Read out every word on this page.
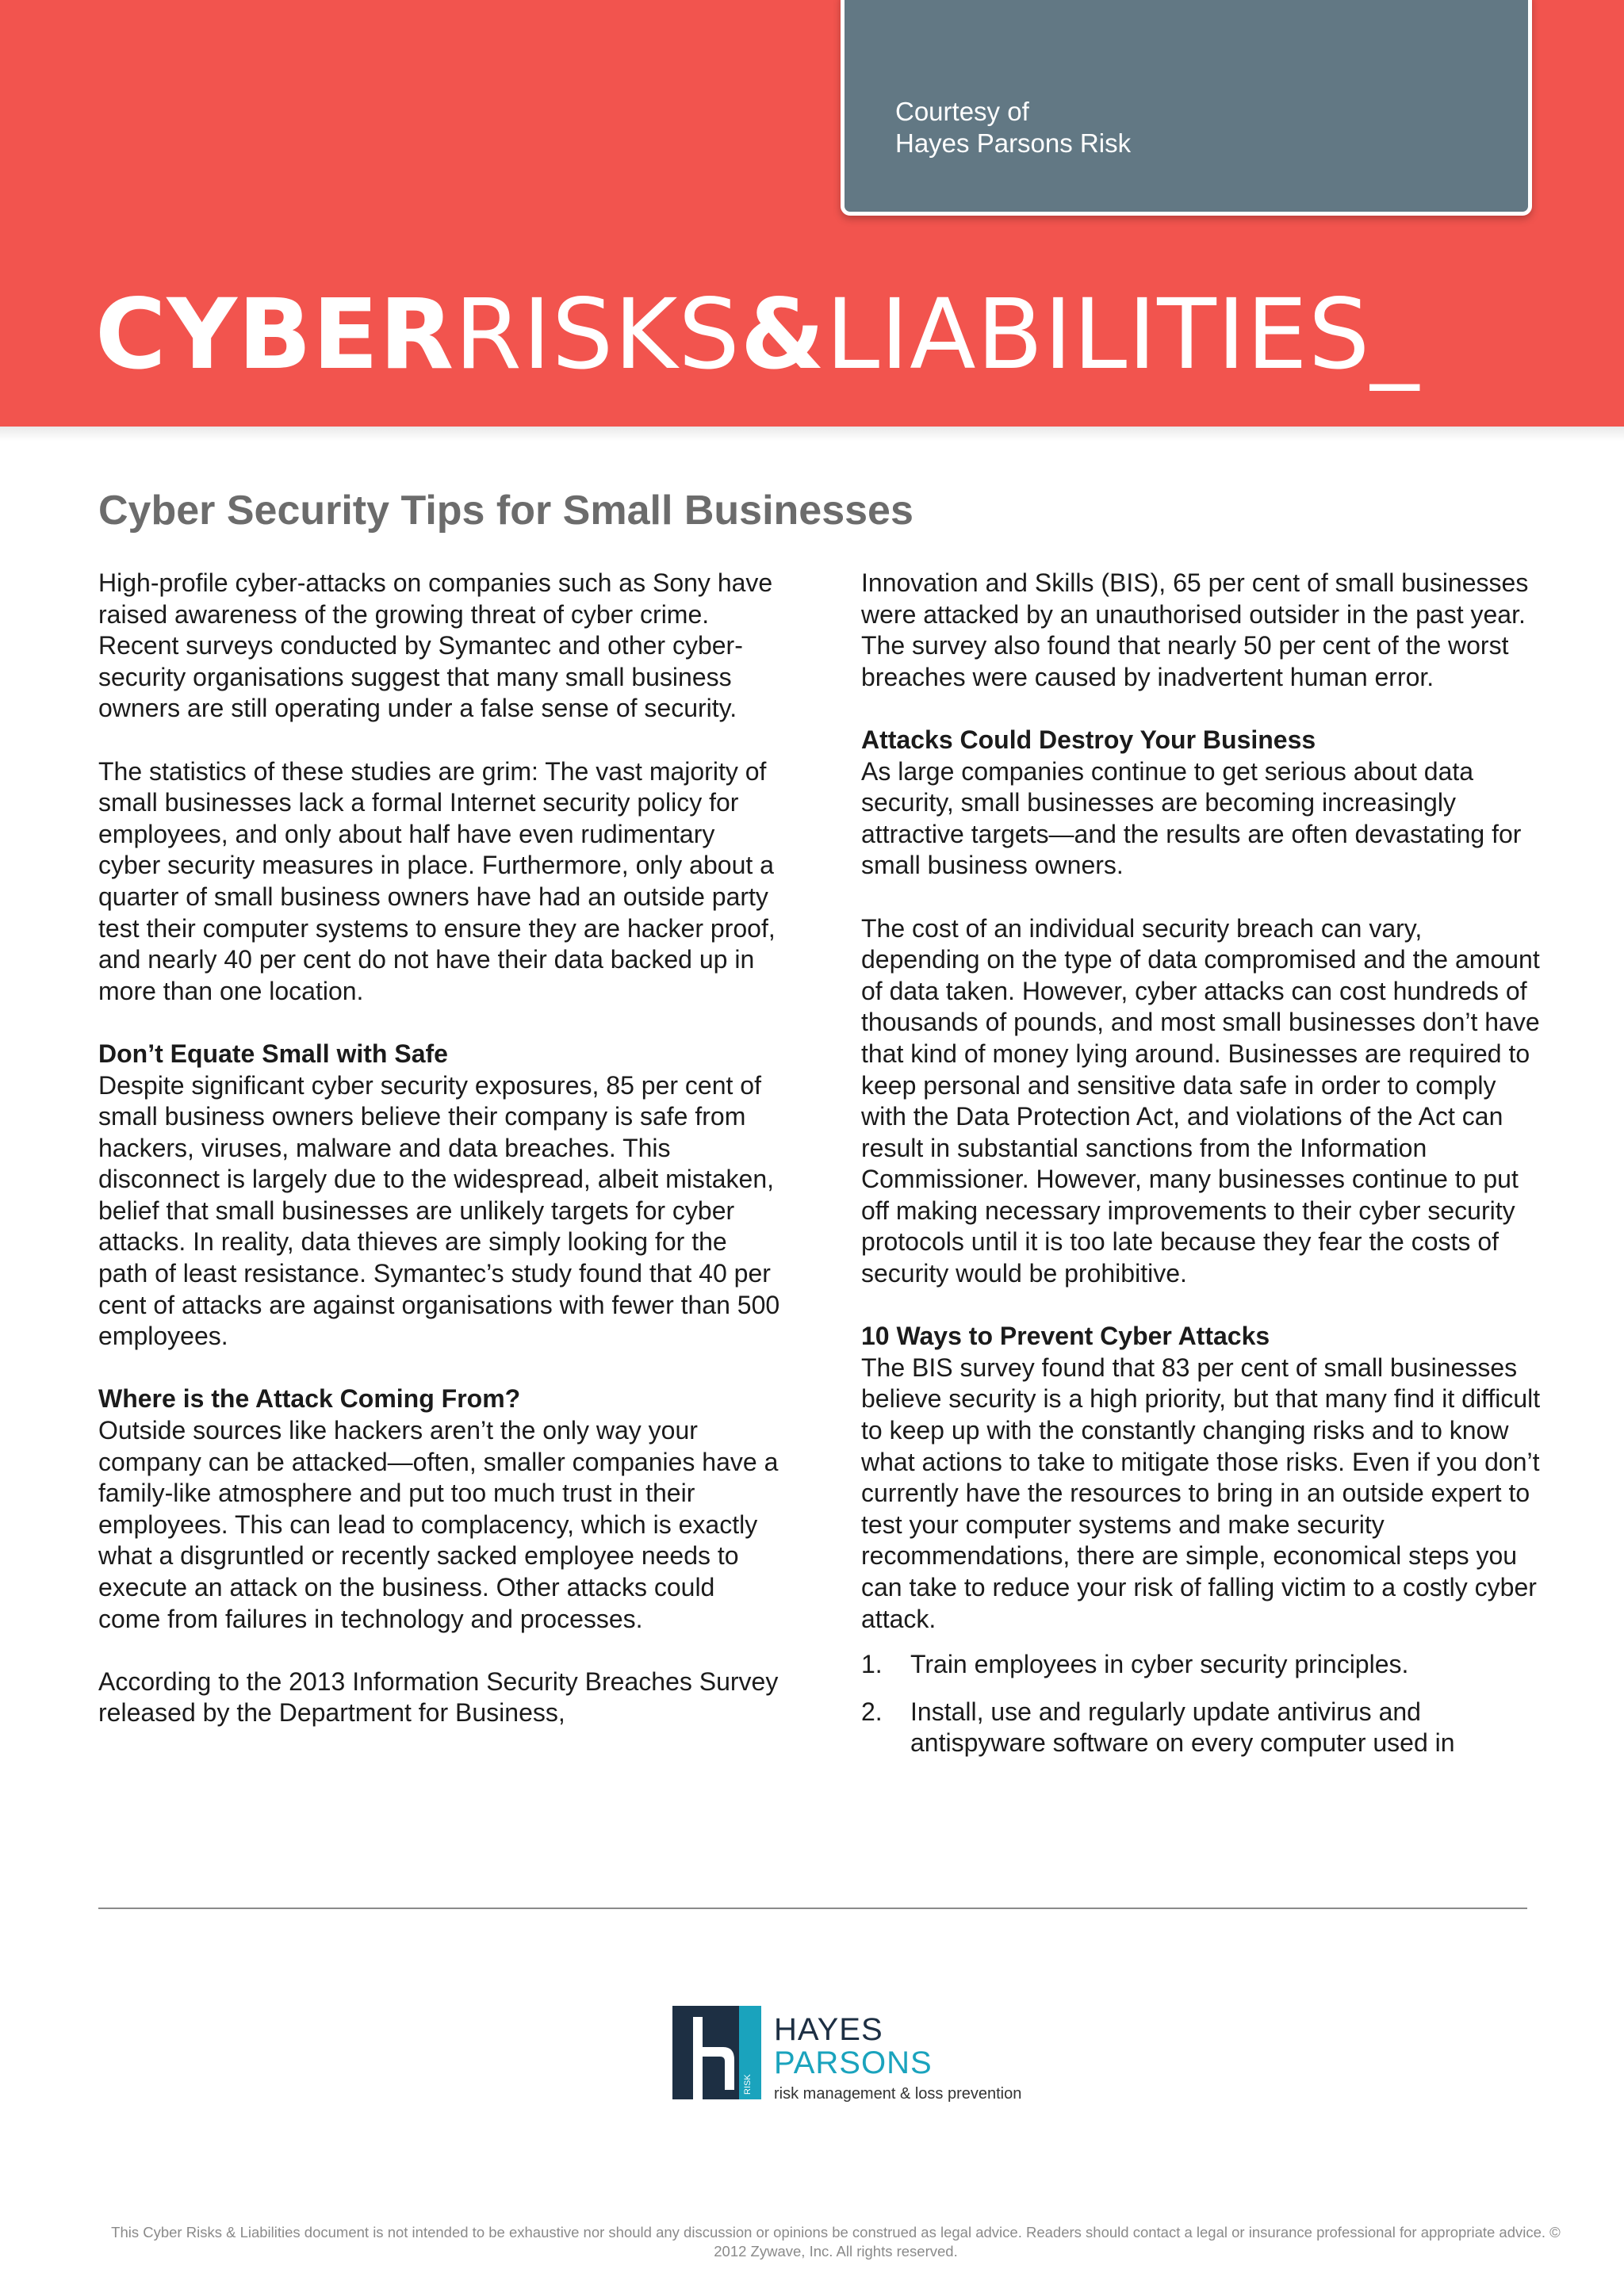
Courtesy of
Hayes Parsons Risk
CYBERRISKS&LIABILITIES_
Cyber Security Tips for Small Businesses

High-profile cyber-attacks on companies such as Sony have raised awareness of the growing threat of cyber crime. Recent surveys conducted by Symantec and other cyber-security organisations suggest that many small business owners are still operating under a false sense of security.

The statistics of these studies are grim: The vast majority of small businesses lack a formal Internet security policy for employees, and only about half have even rudimentary cyber security measures in place. Furthermore, only about a quarter of small business owners have had an outside party test their computer systems to ensure they are hacker proof, and nearly 40 per cent do not have their data backed up in more than one location.

Don’t Equate Small with Safe

Despite significant cyber security exposures, 85 per cent of small business owners believe their company is safe from hackers, viruses, malware and data breaches. This disconnect is largely due to the widespread, albeit mistaken, belief that small businesses are unlikely targets for cyber attacks. In reality, data thieves are simply looking for the path of least resistance. Symantec’s study found that 40 per cent of attacks are against organisations with fewer than 500 employees.

Where is the Attack Coming From?

Outside sources like hackers aren’t the only way your company can be attacked—often, smaller companies have a family-like atmosphere and put too much trust in their employees. This can lead to complacency, which is exactly what a disgruntled or recently sacked employee needs to execute an attack on the business. Other attacks could come from failures in technology and processes.

According to the 2013 Information Security Breaches Survey released by the Department for Business,

Innovation and Skills (BIS), 65 per cent of small businesses were attacked by an unauthorised outsider in the past year. The survey also found that nearly 50 per cent of the worst breaches were caused by inadvertent human error.

Attacks Could Destroy Your Business

As large companies continue to get serious about data security, small businesses are becoming increasingly attractive targets—and the results are often devastating for small business owners.

The cost of an individual security breach can vary, depending on the type of data compromised and the amount of data taken. However, cyber attacks can cost hundreds of thousands of pounds, and most small businesses don’t have that kind of money lying around. Businesses are required to keep personal and sensitive data safe in order to comply with the Data Protection Act, and violations of the Act can result in substantial sanctions from the Information Commissioner. However, many businesses continue to put off making necessary improvements to their cyber security protocols until it is too late because they fear the costs of security would be prohibitive.

10 Ways to Prevent Cyber Attacks

The BIS survey found that 83 per cent of small businesses believe security is a high priority, but that many find it difficult to keep up with the constantly changing risks and to know what actions to take to mitigate those risks. Even if you don’t currently have the resources to bring in an outside expert to test your computer systems and make security recommendations, there are simple, economical steps you can take to reduce your risk of falling victim to a costly cyber attack.

1. Train employees in cyber security principles.
2. Install, use and regularly update antivirus and antispyware software on every computer used in
RISK
HAYES
PARSONS
risk management & loss prevention
This Cyber Risks & Liabilities document is not intended to be exhaustive nor should any discussion or opinions be construed as legal advice. Readers should contact a legal or insurance professional for appropriate advice. © 2012 Zywave, Inc. All rights reserved.
